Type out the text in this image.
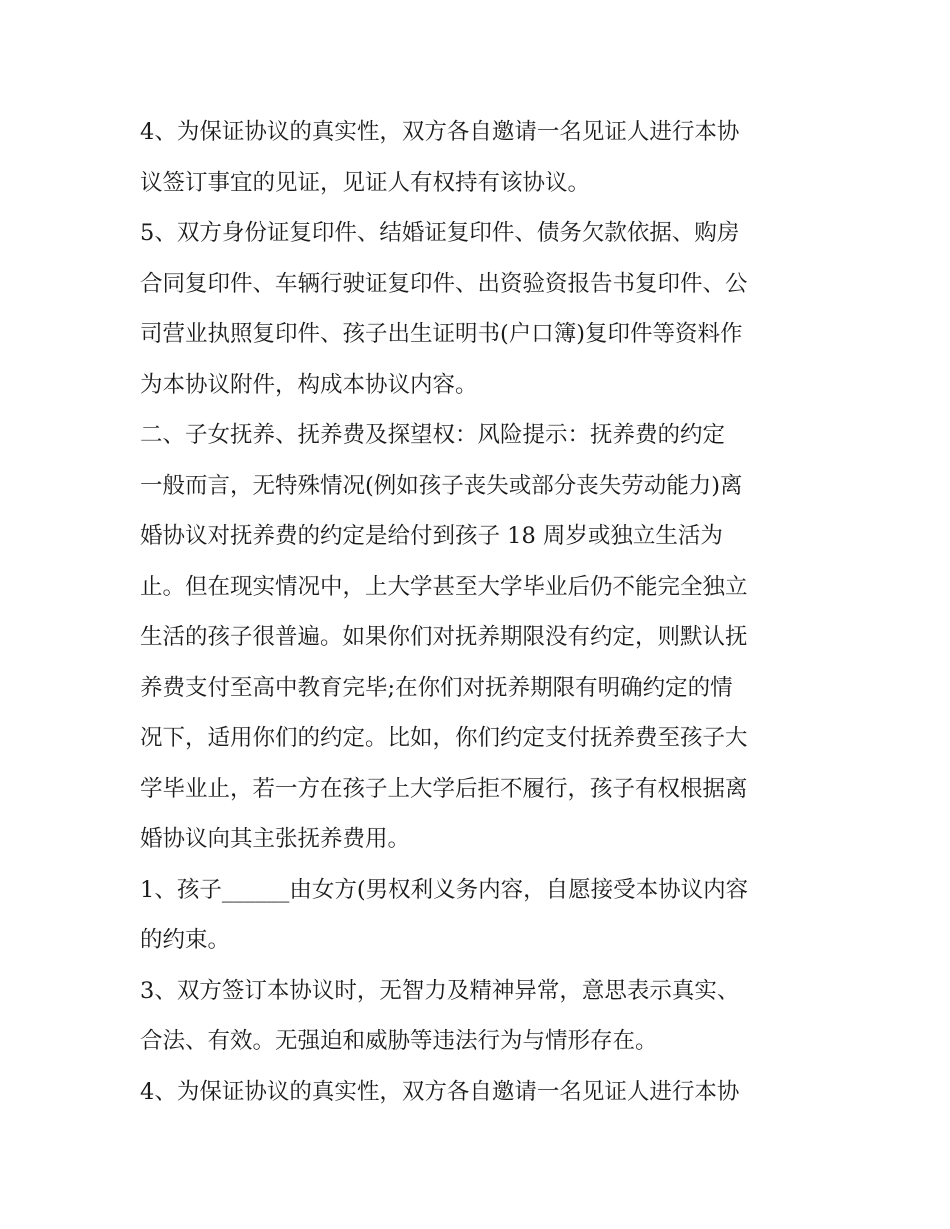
4、为保证协议的真实性，双方各自邀请一名见证人进行本协
议签订事宜的见证，见证人有权持有该协议。
5、双方身份证复印件、结婚证复印件、债务欠款依据、购房
合同复印件、车辆行驶证复印件、出资验资报告书复印件、公
司营业执照复印件、孩子出生证明书(户口簿)复印件等资料作
为本协议附件，构成本协议内容。
二、子女抚养、抚养费及探望权：风险提示：抚养费的约定
一般而言，无特殊情况(例如孩子丧失或部分丧失劳动能力)离
婚协议对抚养费的约定是给付到孩子 18 周岁或独立生活为
止。但在现实情况中，上大学甚至大学毕业后仍不能完全独立
生活的孩子很普遍。如果你们对抚养期限没有约定，则默认抚
养费支付至高中教育完毕;在你们对抚养期限有明确约定的情
况下，适用你们的约定。比如，你们约定支付抚养费至孩子大
学毕业止，若一方在孩子上大学后拒不履行，孩子有权根据离
婚协议向其主张抚养费用。
1、孩子______由女方(男权利义务内容，自愿接受本协议内容
的约束。
3、双方签订本协议时，无智力及精神异常，意思表示真实、
合法、有效。无强迫和威胁等违法行为与情形存在。
4、为保证协议的真实性，双方各自邀请一名见证人进行本协
